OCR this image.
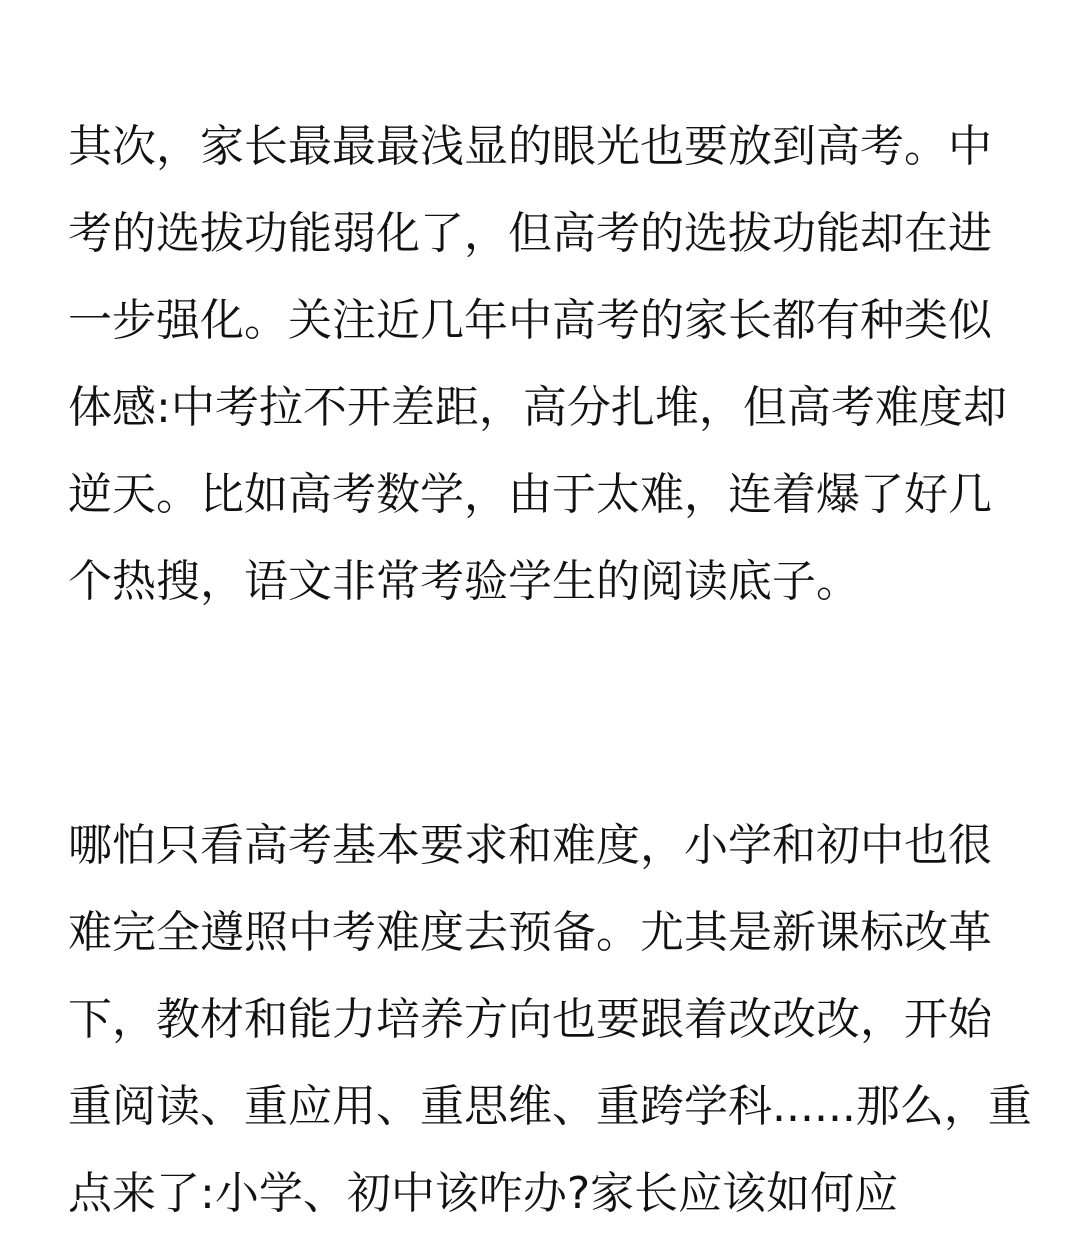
其次，家长最最最浅显的眼光也要放到高考。中
考的选拔功能弱化了，但高考的选拔功能却在进
一步强化。关注近几年中高考的家长都有种类似
体感:中考拉不开差距，高分扎堆，但高考难度却
逆天。比如高考数学，由于太难，连着爆了好几
个热搜，语文非常考验学生的阅读底子。
哪怕只看高考基本要求和难度，小学和初中也很
难完全遵照中考难度去预备。尤其是新课标改革
下，教材和能力培养方向也要跟着改改改，开始
重阅读、重应用、重思维、重跨学科......那么，重
点来了:小学、初中该咋办?家长应该如何应
